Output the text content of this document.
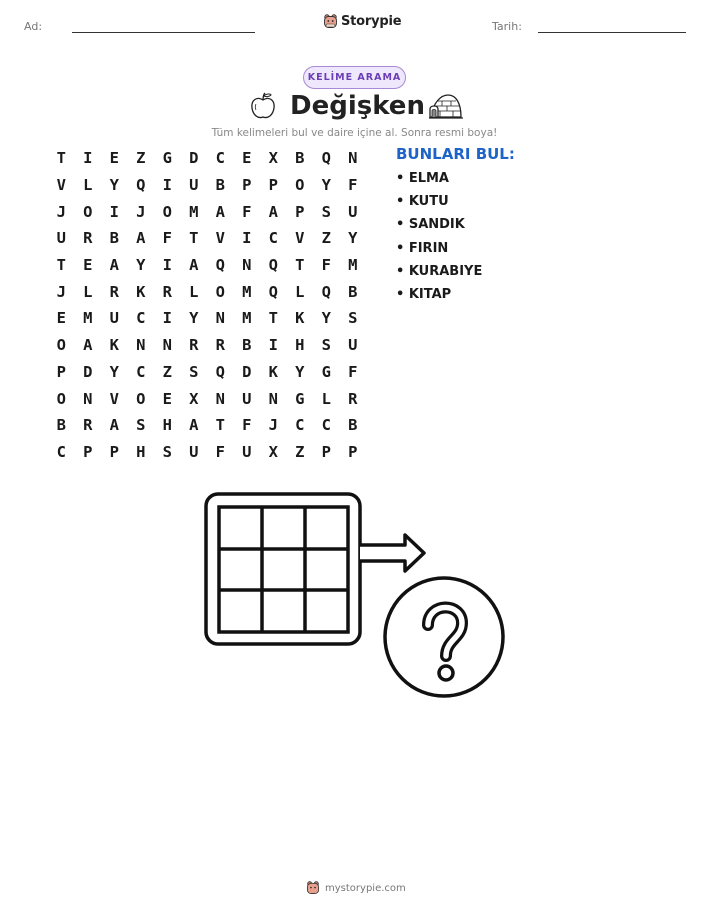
Ad:	Tarih:
Storypie
KELİME ARAMA
Değişken
Tüm kelimeleri bul ve daire içine al. Sonra resmi boya!
T	I	E	Z	G	D	C	E	X	B	Q	N
V	L	Y	Q	I	U	B	P	P	O	Y	F
J	O	I	J	O	M	A	F	A	P	S	U
U	R	B	A	F	T	V	I	C	V	Z	Y
T	E	A	Y	I	A	Q	N	Q	T	F	M
J	L	R	K	R	L	O	M	Q	L	Q	B
E	M	U	C	I	Y	N	M	T	K	Y	S
O	A	K	N	N	R	R	B	I	H	S	U
P	D	Y	C	Z	S	Q	D	K	Y	G	F
O	N	V	O	E	X	N	U	N	G	L	R
B	R	A	S	H	A	T	F	J	C	C	B
C	P	P	H	S	U	F	U	X	Z	P	P
BUNLARI BUL:
• ELMA
• KUTU
• SANDIK
• FIRIN
• KURABIYE
• KITAP
mystorypie.com
